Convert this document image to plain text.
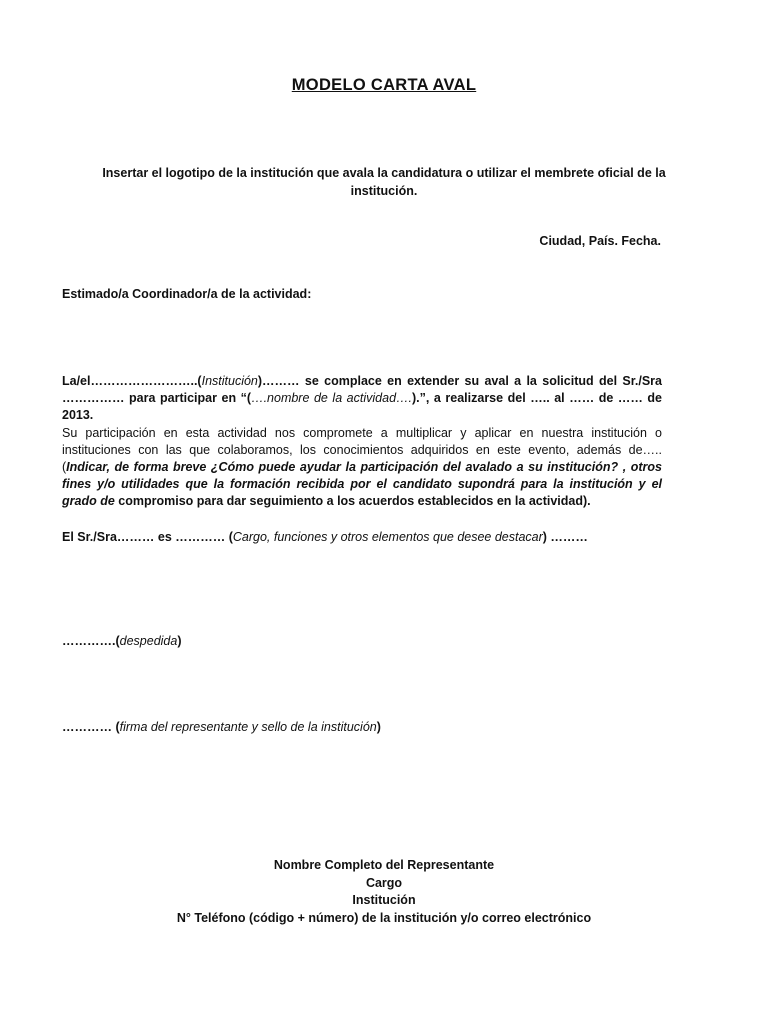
MODELO CARTA AVAL
Insertar el logotipo de la institución que avala la candidatura o utilizar el membrete oficial de la institución.
Ciudad, País. Fecha.
Estimado/a Coordinador/a de la actividad:
La/el……………………..(Institución)……… se complace en extender su aval a la solicitud del Sr./Sra …………… para participar en “(….nombre de la actividad….).”, a realizarse del ….. al …… de …… de 2013.
Su participación en esta actividad nos compromete a multiplicar y aplicar en nuestra institución o instituciones con las que colaboramos, los conocimientos adquiridos en este evento, además de….. (Indicar, de forma breve ¿Cómo puede ayudar la participación del avalado a su institución? , otros fines y/o utilidades que la formación recibida por el candidato supondrá para la institución y el grado de compromiso para dar seguimiento a los acuerdos establecidos en la actividad).
El Sr./Sra……… es ………… (Cargo, funciones y otros elementos que desee destacar) ………
………….(despedida)
………… (firma del representante y sello de la institución)
Nombre Completo del Representante
Cargo
Institución
N° Teléfono (código + número) de la institución y/o correo electrónico
